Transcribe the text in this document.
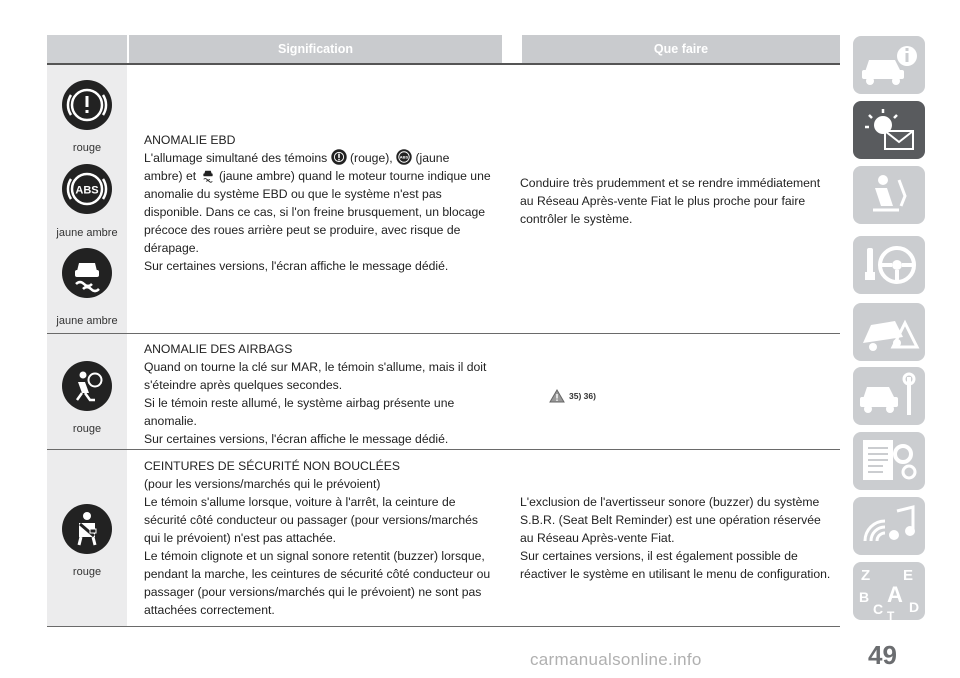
Signification	Que faire
rouge
ABS
jaune ambre
jaune ambre
ANOMALIE EBD
L'allumage simultané des témoins (rouge), ABS (jaune
ambre) et (jaune ambre) quand le moteur tourne indique une
anomalie du système EBD ou que le système n'est pas
disponible. Dans ce cas, si l'on freine brusquement, un blocage
précoce des roues arrière peut se produire, avec risque de
dérapage.
Sur certaines versions, l'écran affiche le message dédié.
Conduire très prudemment et se rendre immédiatement
au Réseau Après-vente Fiat le plus proche pour faire
contrôler le système.
rouge
ANOMALIE DES AIRBAGS
Quand on tourne la clé sur MAR, le témoin s'allume, mais il doit
s'éteindre après quelques secondes.
Si le témoin reste allumé, le système airbag présente une
anomalie.
Sur certaines versions, l'écran affiche le message dédié.
35) 36)
rouge
CEINTURES DE SÉCURITÉ NON BOUCLÉES
(pour les versions/marchés qui le prévoient)
Le témoin s'allume lorsque, voiture à l'arrêt, la ceinture de
sécurité côté conducteur ou passager (pour versions/marchés
qui le prévoient) n'est pas attachée.
Le témoin clignote et un signal sonore retentit (buzzer) lorsque,
pendant la marche, les ceintures de sécurité côté conducteur ou
passager (pour versions/marchés qui le prévoient) ne sont pas
attachées correctement.
L'exclusion de l'avertisseur sonore (buzzer) du système
S.B.R. (Seat Belt Reminder) est une opération réservée
au Réseau Après-vente Fiat.
Sur certaines versions, il est également possible de
réactiver le système en utilisant le menu de configuration.	Z E
B A
C D
T
49
carmanualsonline.info
